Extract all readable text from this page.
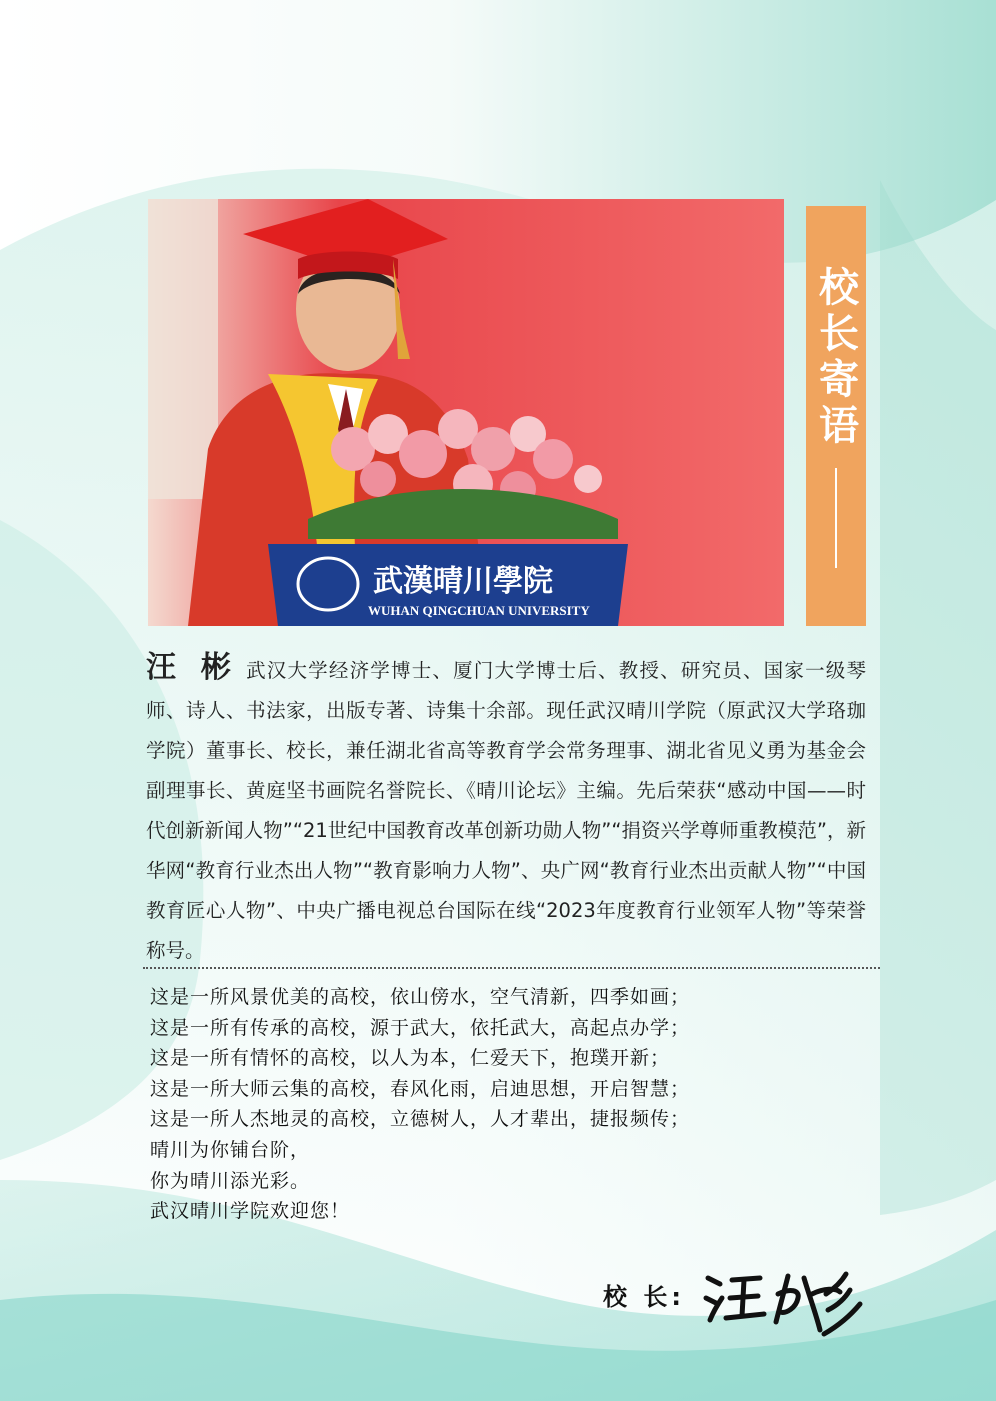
武漢晴川學院
WUHAN QINGCHUAN UNIVERSITY
校长寄语
汪 彬 武汉大学经济学博士、厦门大学博士后、教授、研究员、国家一级琴师、诗人、书法家，出版专著、诗集十余部。现任武汉晴川学院（原武汉大学珞珈学院）董事长、校长，兼任湖北省高等教育学会常务理事、湖北省见义勇为基金会副理事长、黄庭坚书画院名誉院长、《晴川论坛》主编。先后荣获“感动中国——时代创新新闻人物”“21世纪中国教育改革创新功勋人物”“捐资兴学尊师重教模范”，新华网“教育行业杰出人物”“教育影响力人物”、央广网“教育行业杰出贡献人物”“中国教育匠心人物”、中央广播电视总台国际在线“2023年度教育行业领军人物”等荣誉称号。
这是一所风景优美的高校，依山傍水，空气清新，四季如画；
这是一所有传承的高校，源于武大，依托武大，高起点办学；
这是一所有情怀的高校，以人为本，仁爱天下，抱璞开新；
这是一所大师云集的高校，春风化雨，启迪思想，开启智慧；
这是一所人杰地灵的高校，立德树人，人才辈出，捷报频传；
晴川为你铺台阶，
你为晴川添光彩。
武汉晴川学院欢迎您！
校 长:
